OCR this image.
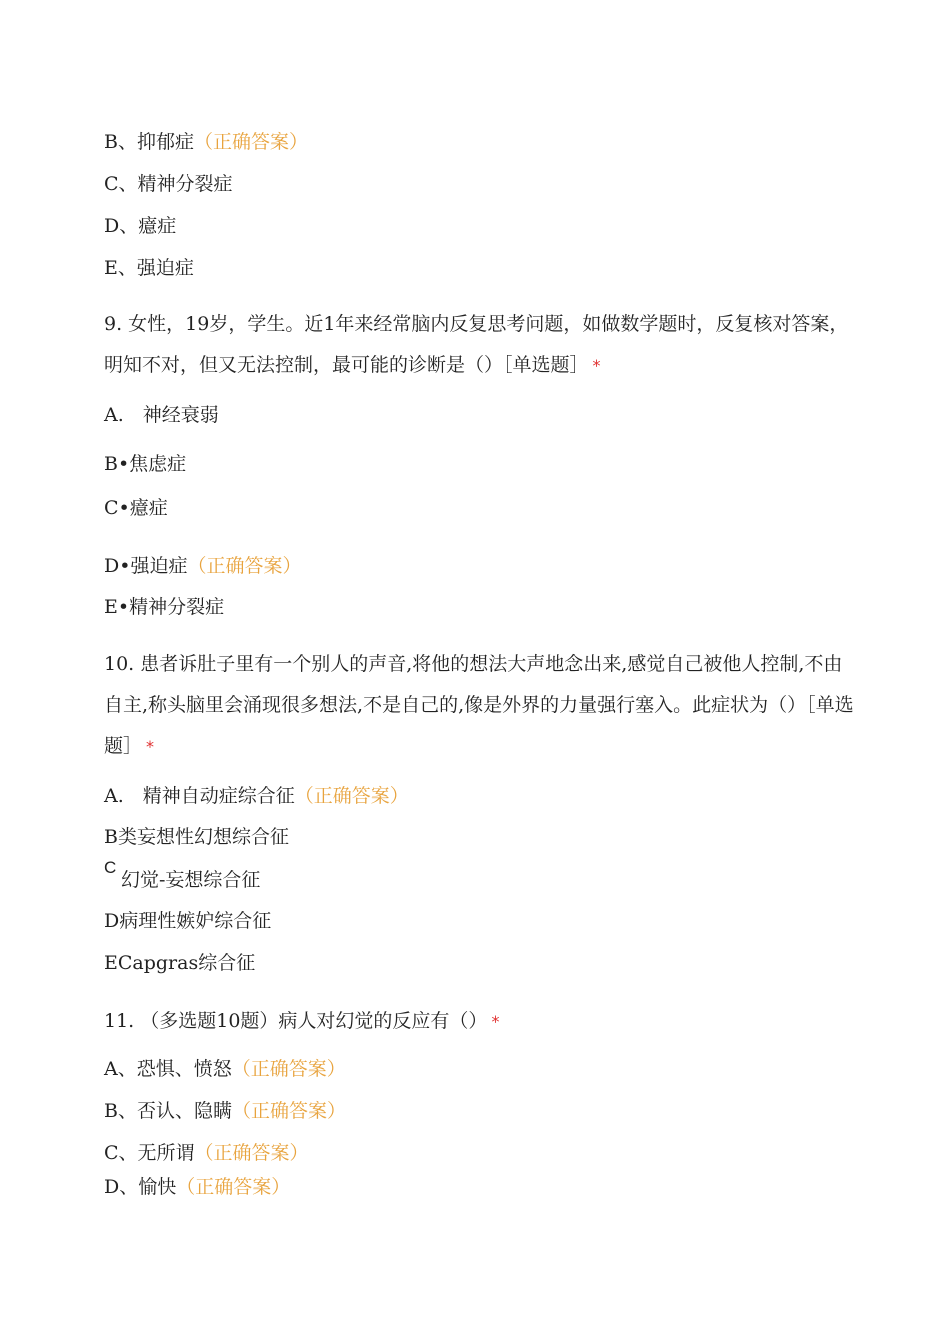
B、抑郁症（正确答案）
C、精神分裂症
D、癔症
E、强迫症
9. 女性，19岁，学生。近1年来经常脑内反复思考问题，如做数学题时，反复核对答案，明知不对，但又无法控制，最可能的诊断是（）［单选题］ *
A.　神经衰弱
B•焦虑症
C•癔症
D•强迫症（正确答案）
E•精神分裂症
10. 患者诉肚子里有一个别人的声音,将他的想法大声地念出来,感觉自己被他人控制,不由自主,称头脑里会涌现很多想法,不是自己的,像是外界的力量强行塞入。此症状为（）［单选题］ *
A.　精神自动症综合征（正确答案）
B类妄想性幻想综合征
C
幻觉-妄想综合征
D病理性嫉妒综合征
ECapgras综合征
11. （多选题10题）病人对幻觉的反应有（） *
A、恐惧、愤怒（正确答案）
B、否认、隐瞒（正确答案）
C、无所谓（正确答案）
D、愉快（正确答案）
